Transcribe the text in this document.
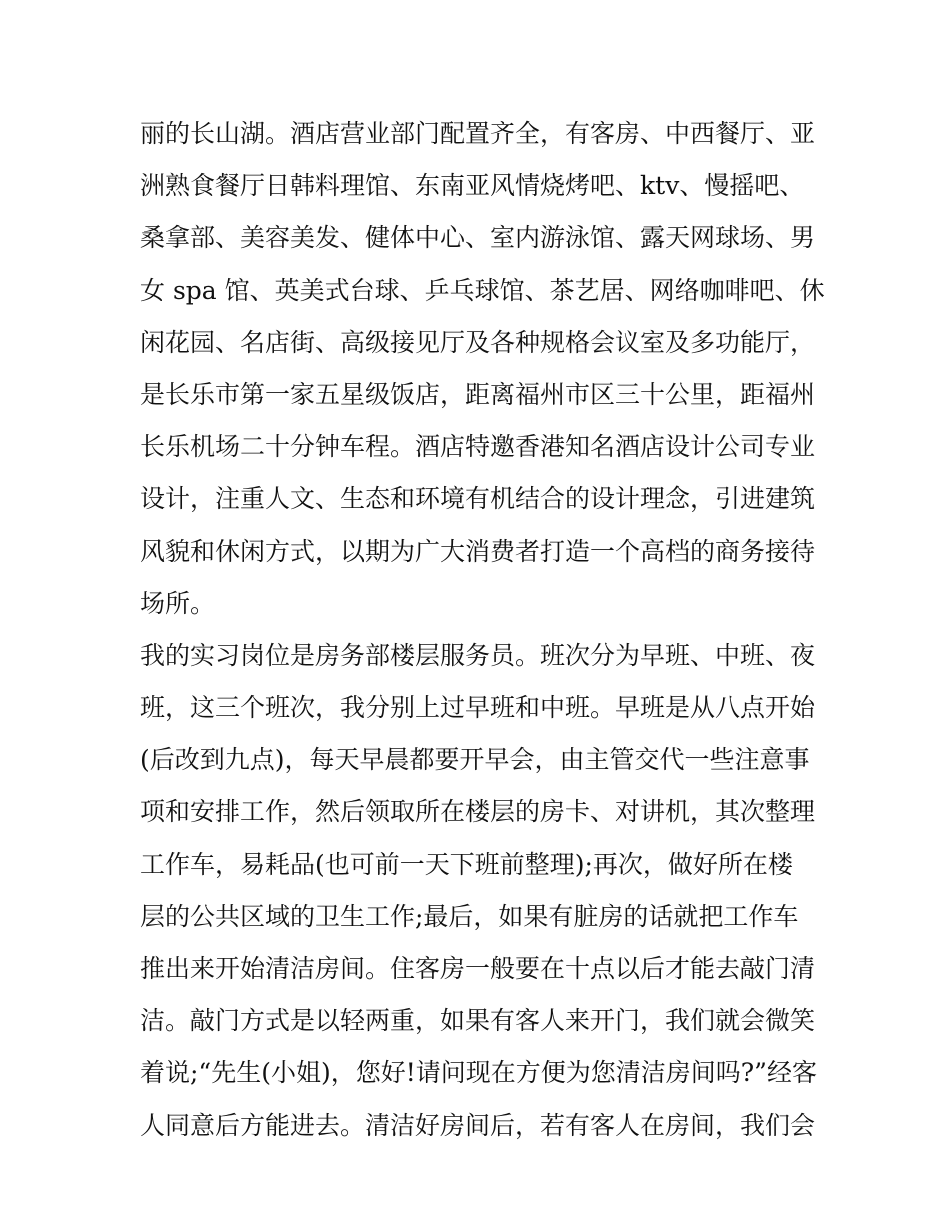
丽的长山湖。酒店营业部门配置齐全，有客房、中西餐厅、亚
洲熟食餐厅日韩料理馆、东南亚风情烧烤吧、ktv、慢摇吧、
桑拿部、美容美发、健体中心、室内游泳馆、露天网球场、男
女 spa 馆、英美式台球、乒乓球馆、茶艺居、网络咖啡吧、休
闲花园、名店街、高级接见厅及各种规格会议室及多功能厅，
是长乐市第一家五星级饭店，距离福州市区三十公里，距福州
长乐机场二十分钟车程。酒店特邀香港知名酒店设计公司专业
设计，注重人文、生态和环境有机结合的设计理念，引进建筑
风貌和休闲方式，以期为广大消费者打造一个高档的商务接待
场所。
我的实习岗位是房务部楼层服务员。班次分为早班、中班、夜
班，这三个班次，我分别上过早班和中班。早班是从八点开始
(后改到九点)，每天早晨都要开早会，由主管交代一些注意事
项和安排工作，然后领取所在楼层的房卡、对讲机，其次整理
工作车，易耗品(也可前一天下班前整理);再次，做好所在楼
层的公共区域的卫生工作;最后，如果有脏房的话就把工作车
推出来开始清洁房间。住客房一般要在十点以后才能去敲门清
洁。敲门方式是以轻两重，如果有客人来开门，我们就会微笑
着说;“先生(小姐)，您好!请问现在方便为您清洁房间吗?”经客
人同意后方能进去。清洁好房间后，若有客人在房间，我们会
